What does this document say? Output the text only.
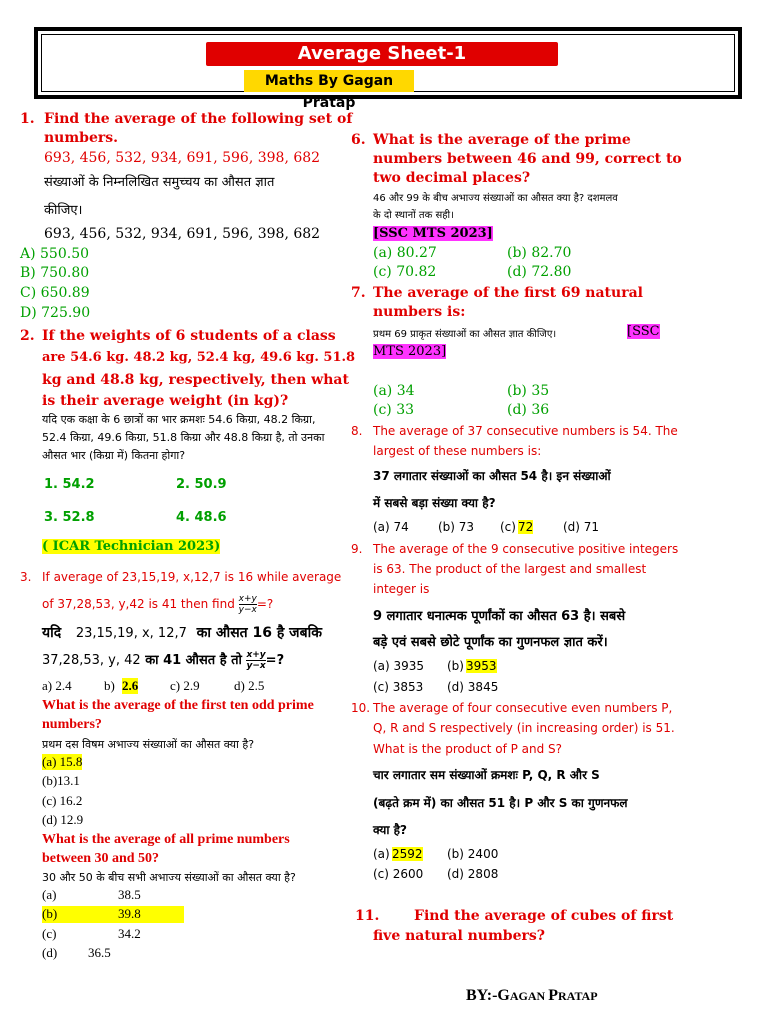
Average Sheet-1
Maths By Gagan Pratap
1. Find the average of the following set of
numbers.
693, 456, 532, 934, 691, 596, 398, 682
संख्याओं के निम्नलिखित समुच्चय का औसत ज्ञात
कीजिए।
693, 456, 532, 934, 691, 596, 398, 682
A) 550.50
B) 750.80
C) 650.89
D) 725.90
2. If the weights of 6 students of a class
are 54.6 kg. 48.2 kg, 52.4 kg, 49.6 kg. 51.8
kg and 48.8 kg, respectively, then what
is their average weight (in kg)?
यदि एक कक्षा के 6 छात्रों का भार क्रमशः 54.6 किग्रा, 48.2 किग्रा,
52.4 किग्रा, 49.6 किग्रा, 51.8 किग्रा और 48.8 किग्रा है, तो उनका
औसत भार (किग्रा में) कितना होगा?
1. 54.2	2. 50.9
3. 52.8	4. 48.6
( ICAR Technician 2023)
3. If average of 23,15,19, x,12,7 is 16 while average
of 37,28,53, y,42 is 41 then find $\frac{x+y}{y-x}$ =?
यदि 23,15,19, x, 12,7 का औसत 16 है जबकि
37,28,53, y, 42 का 41 औसत है तो $\frac{x+y}{y-x}$ =?
a) 2.4 b) 2.6 c) 2.9	d) 2.5
What is the average of the first ten odd prime
numbers?
प्रथम दस विषम अभाज्य संख्याओं का औसत क्या है?
(a) 15.8
(b)13.1
(c) 16.2
(d) 12.9
What is the average of all prime numbers
between 30 and 50?
30 और 50 के बीच सभी अभाज्य संख्याओं का औसत क्या है?
(a)	38.5
(b)	39.8
(c)	34.2
(d) 36.5
6. What is the average of the prime
numbers between 46 and 99, correct to
two decimal places?
46 और 99 के बीच अभाज्य संख्याओं का औसत क्या है? दशमलव
के दो स्थानों तक सही।
[SSC MTS 2023]
(a) 80.27	(b) 82.70
(c) 70.82	(d) 72.80
7. The average of the first 69 natural
numbers is:
प्रथम 69 प्राकृत संख्याओं का औसत ज्ञात कीजिए।	[SSC
MTS 2023]
(a) 34	(b) 35
(c) 33	(d) 36
8. The average of 37 consecutive numbers is 54. The
largest of these numbers is:
37 लगातार संख्याओं का औसत 54 है। इन संख्याओं
में सबसे बड़ा संख्या क्या है?
(a) 74 (b) 73 (c) 72 (d) 71
9. The average of the 9 consecutive positive integers
is 63. The product of the largest and smallest
integer is
9 लगातार धनात्मक पूर्णांकों का औसत 63 है। सबसे
बड़े एवं सबसे छोटे पूर्णांक का गुणनफल ज्ञात करें।
(a) 3935 (b) 3953
(c) 3853 (d) 3845
10. The average of four consecutive even numbers P,
Q, R and S respectively (in increasing order) is 51.
What is the product of P and S?
चार लगातार सम संख्याओं क्रमशः P, Q, R और S
(बढ़ते क्रम में) का औसत 51 है। P और S का गुणनफल
क्या है?
(a) 2592 (b) 2400
(c) 2600 (d) 2808
11. Find the average of cubes of first
five natural numbers?
BY:-GAGAN PRATAP
